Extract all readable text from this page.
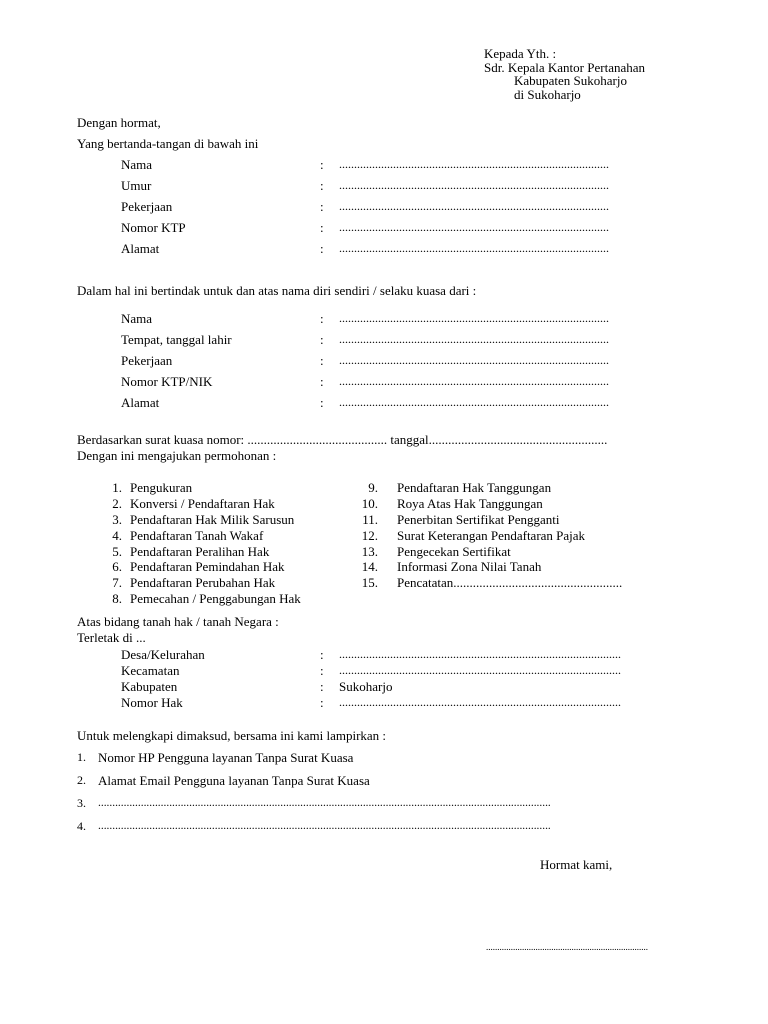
Kepada Yth. :
Sdr. Kepala Kantor Pertanahan
Kabupaten Sukoharjo
di Sukoharjo
Dengan hormat,
Yang bertanda-tangan di bawah ini
Nama	: ..........................................................................................
Umur	: ..........................................................................................
Pekerjaan	: ..........................................................................................
Nomor KTP	: ..........................................................................................
Alamat	: ..........................................................................................
Dalam hal ini bertindak untuk dan atas nama diri sendiri / selaku kuasa dari :
Nama	: ..........................................................................................
Tempat, tanggal lahir	: ..........................................................................................
Pekerjaan	: ..........................................................................................
Nomor KTP/NIK	: ..........................................................................................
Alamat	: ..........................................................................................
Berdasarkan surat kuasa nomor: ........................................... tanggal.......................................................
Dengan ini mengajukan permohonan :
1. Pengukuran
2. Konversi / Pendaftaran Hak
3. Pendaftaran Hak Milik Sarusun
4. Pendaftaran Tanah Wakaf
5. Pendaftaran Peralihan Hak
6. Pendaftaran Pemindahan Hak
7. Pendaftaran Perubahan Hak
8. Pemecahan / Penggabungan Hak
9. Pendaftaran Hak Tanggungan
10. Roya Atas Hak Tanggungan
11. Penerbitan Sertifikat Pengganti
12. Surat Keterangan Pendaftaran Pajak
13. Pengecekan Sertifikat
14. Informasi Zona Nilai Tanah
15. Pencatatan....................................................
Atas bidang tanah hak / tanah Negara :
Terletak di ...
Desa/Kelurahan	: ..............................................................................................
Kecamatan	: ..............................................................................................
Kabupaten	: Sukoharjo
Nomor Hak	: ..............................................................................................
Untuk melengkapi dimaksud, bersama ini kami lampirkan :
1. Nomor HP Pengguna layanan Tanpa Surat Kuasa
2. Alamat Email Pengguna layanan Tanpa Surat Kuasa
3. ...............................................................................................................................................................
4. ...............................................................................................................................................................
Hormat kami,
........................................................................
